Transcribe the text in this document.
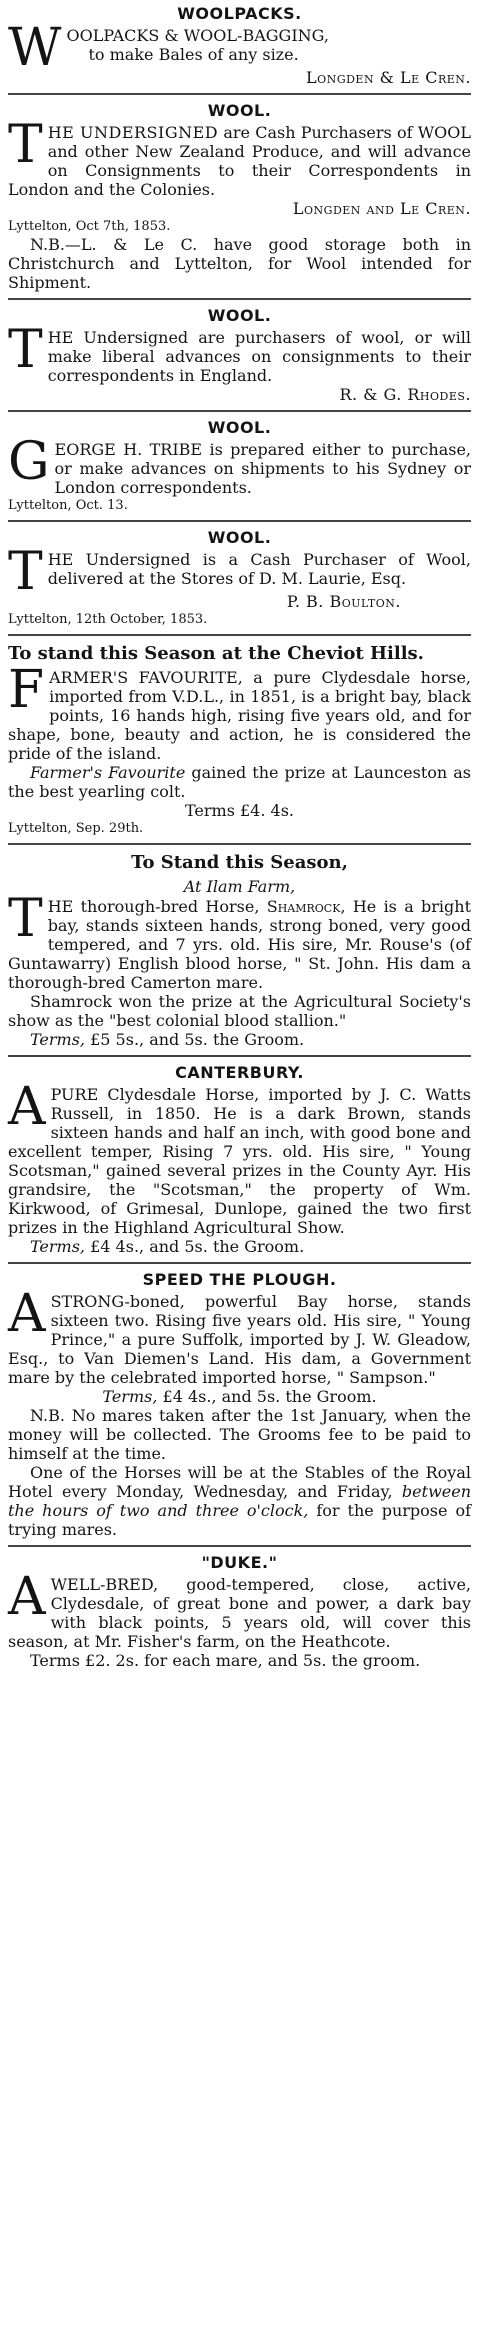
WOOLPACKS.

W OOLPACKS & WOOL-BAGGING,
to make Bales of any size.

Longden & Le Cren.

WOOL.

T HE UNDERSIGNED are Cash Purchasers of WOOL and other New Zealand Produce, and will advance on Consignments to their Correspondents in London and the Colonies.

Longden and Le Cren.

Lyttelton, Oct 7th, 1853.

N.B.—L. & Le C. have good storage both in Christchurch and Lyttelton, for Wool intended for Shipment.

WOOL.

T HE Undersigned are purchasers of wool, or will make liberal advances on consignments to their correspondents in England.

R. & G. Rhodes.

WOOL.

G EORGE H. TRIBE is prepared either to purchase, or make advances on shipments to his Sydney or London correspondents.

Lyttelton, Oct. 13.

WOOL.

T HE Undersigned is a Cash Purchaser of Wool, delivered at the Stores of D. M. Laurie, Esq.

P. B. Boulton.

Lyttelton, 12th October, 1853.

To stand this Season at the Cheviot Hills.

F ARMER'S FAVOURITE, a pure Clydesdale horse, imported from V.D.L., in 1851, is a bright bay, black points, 16 hands high, rising five years old, and for shape, bone, beauty and action, he is considered the pride of the island.

Farmer's Favourite gained the prize at Launceston as the best yearling colt.

Terms £4. 4s.

Lyttelton, Sep. 29th.

To Stand this Season,
At Ilam Farm,

T HE thorough-bred Horse, Shamrock, He is a bright bay, stands sixteen hands, strong boned, very good tempered, and 7 yrs. old. His sire, Mr. Rouse's (of Guntawarry) English blood horse, " St. John. His dam a thorough-bred Camerton mare.

Shamrock won the prize at the Agricultural Society's show as the "best colonial blood stallion."

Terms, £5 5s., and 5s. the Groom.

CANTERBURY.

A PURE Clydesdale Horse, imported by J. C. Watts Russell, in 1850. He is a dark Brown, stands sixteen hands and half an inch, with good bone and excellent temper, Rising 7 yrs. old. His sire, " Young Scotsman," gained several prizes in the County Ayr. His grandsire, the "Scotsman," the property of Wm. Kirkwood, of Grimesal, Dunlope, gained the two first prizes in the Highland Agricultural Show.

Terms, £4 4s., and 5s. the Groom.

SPEED THE PLOUGH.

A STRONG-boned, powerful Bay horse, stands sixteen two. Rising five years old. His sire, " Young Prince," a pure Suffolk, imported by J. W. Gleadow, Esq., to Van Diemen's Land. His dam, a Government mare by the celebrated imported horse, " Sampson."

Terms, £4 4s., and 5s. the Groom.

N.B. No mares taken after the 1st January, when the money will be collected. The Grooms fee to be paid to himself at the time.

One of the Horses will be at the Stables of the Royal Hotel every Monday, Wednesday, and Friday, between the hours of two and three o'clock, for the purpose of trying mares.

"DUKE."

A WELL-BRED, good-tempered, close, active, Clydesdale, of great bone and power, a dark bay with black points, 5 years old, will cover this season, at Mr. Fisher's farm, on the Heathcote.

Terms £2. 2s. for each mare, and 5s. the groom.
